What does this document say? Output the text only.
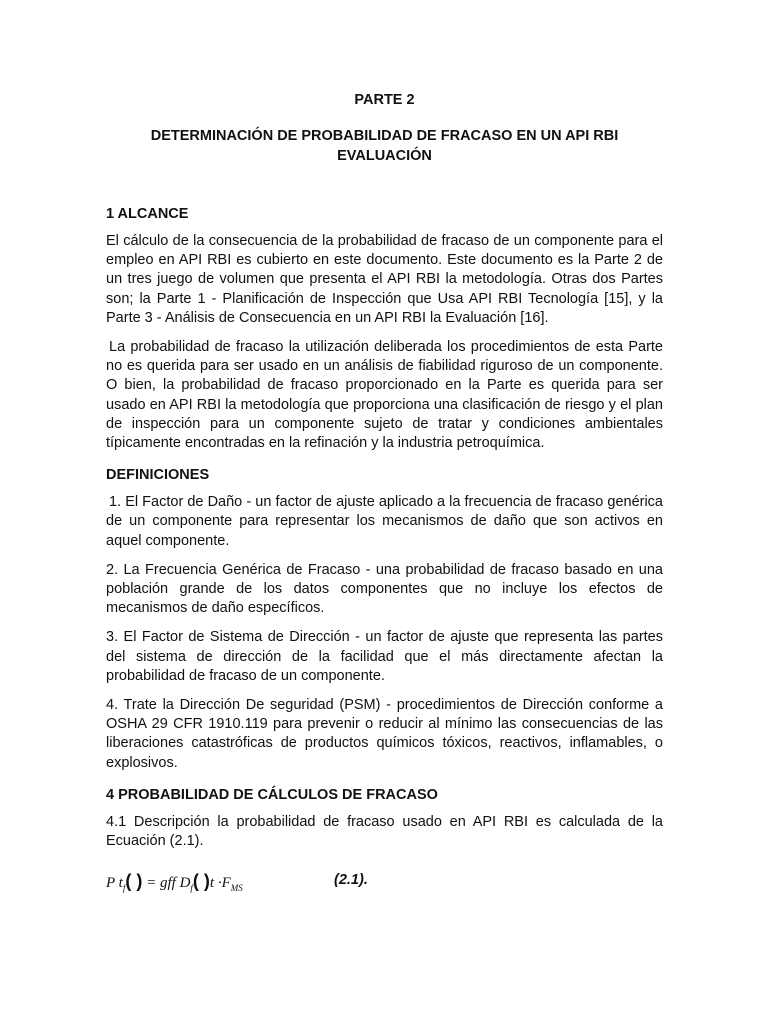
PARTE 2
DETERMINACIÓN DE PROBABILIDAD DE FRACASO EN UN API RBI EVALUACIÓN
1 ALCANCE

El cálculo de la consecuencia de la probabilidad de fracaso de un componente para el empleo en API RBI es cubierto en este documento. Este documento es la Parte 2 de un tres juego de volumen que presenta el API RBI la metodología. Otras dos Partes son; la Parte 1 - Planificación de Inspección que Usa API RBI Tecnología [15], y la Parte 3 - Análisis de Consecuencia en un API RBI la Evaluación [16].

La probabilidad de fracaso la utilización deliberada los procedimientos de esta Parte no es querida para ser usado en un análisis de fiabilidad riguroso de un componente. O bien, la probabilidad de fracaso proporcionado en la Parte es querida para ser usado en API RBI la metodología que proporciona una clasificación de riesgo y el plan de inspección para un componente sujeto de tratar y condiciones ambientales típicamente encontradas en la refinación y la industria petroquímica.

DEFINICIONES

1. El Factor de Daño - un factor de ajuste aplicado a la frecuencia de fracaso genérica de un componente para representar los mecanismos de daño que son activos en aquel componente.

2. La Frecuencia Genérica de Fracaso - una probabilidad de fracaso basado en una población grande de los datos componentes que no incluye los efectos de mecanismos de daño específicos.

3. El Factor de Sistema de Dirección - un factor de ajuste que representa las partes del sistema de dirección de la facilidad que el más directamente afectan la probabilidad de fracaso de un componente.

4. Trate la Dirección De seguridad (PSM) - procedimientos de Dirección conforme a OSHA 29 CFR 1910.119 para prevenir o reducir al mínimo las consecuencias de las liberaciones catastróficas de productos químicos tóxicos, reactivos, inflamables, o explosivos.

4 PROBABILIDAD DE CÁLCULOS DE FRACASO

4.1 Descripción la probabilidad de fracaso usado en API RBI es calculada de la Ecuación (2.1).

P $t_f$( ) = gff $D_f$( )$t \cdot F_{MS}$	(2.1).
